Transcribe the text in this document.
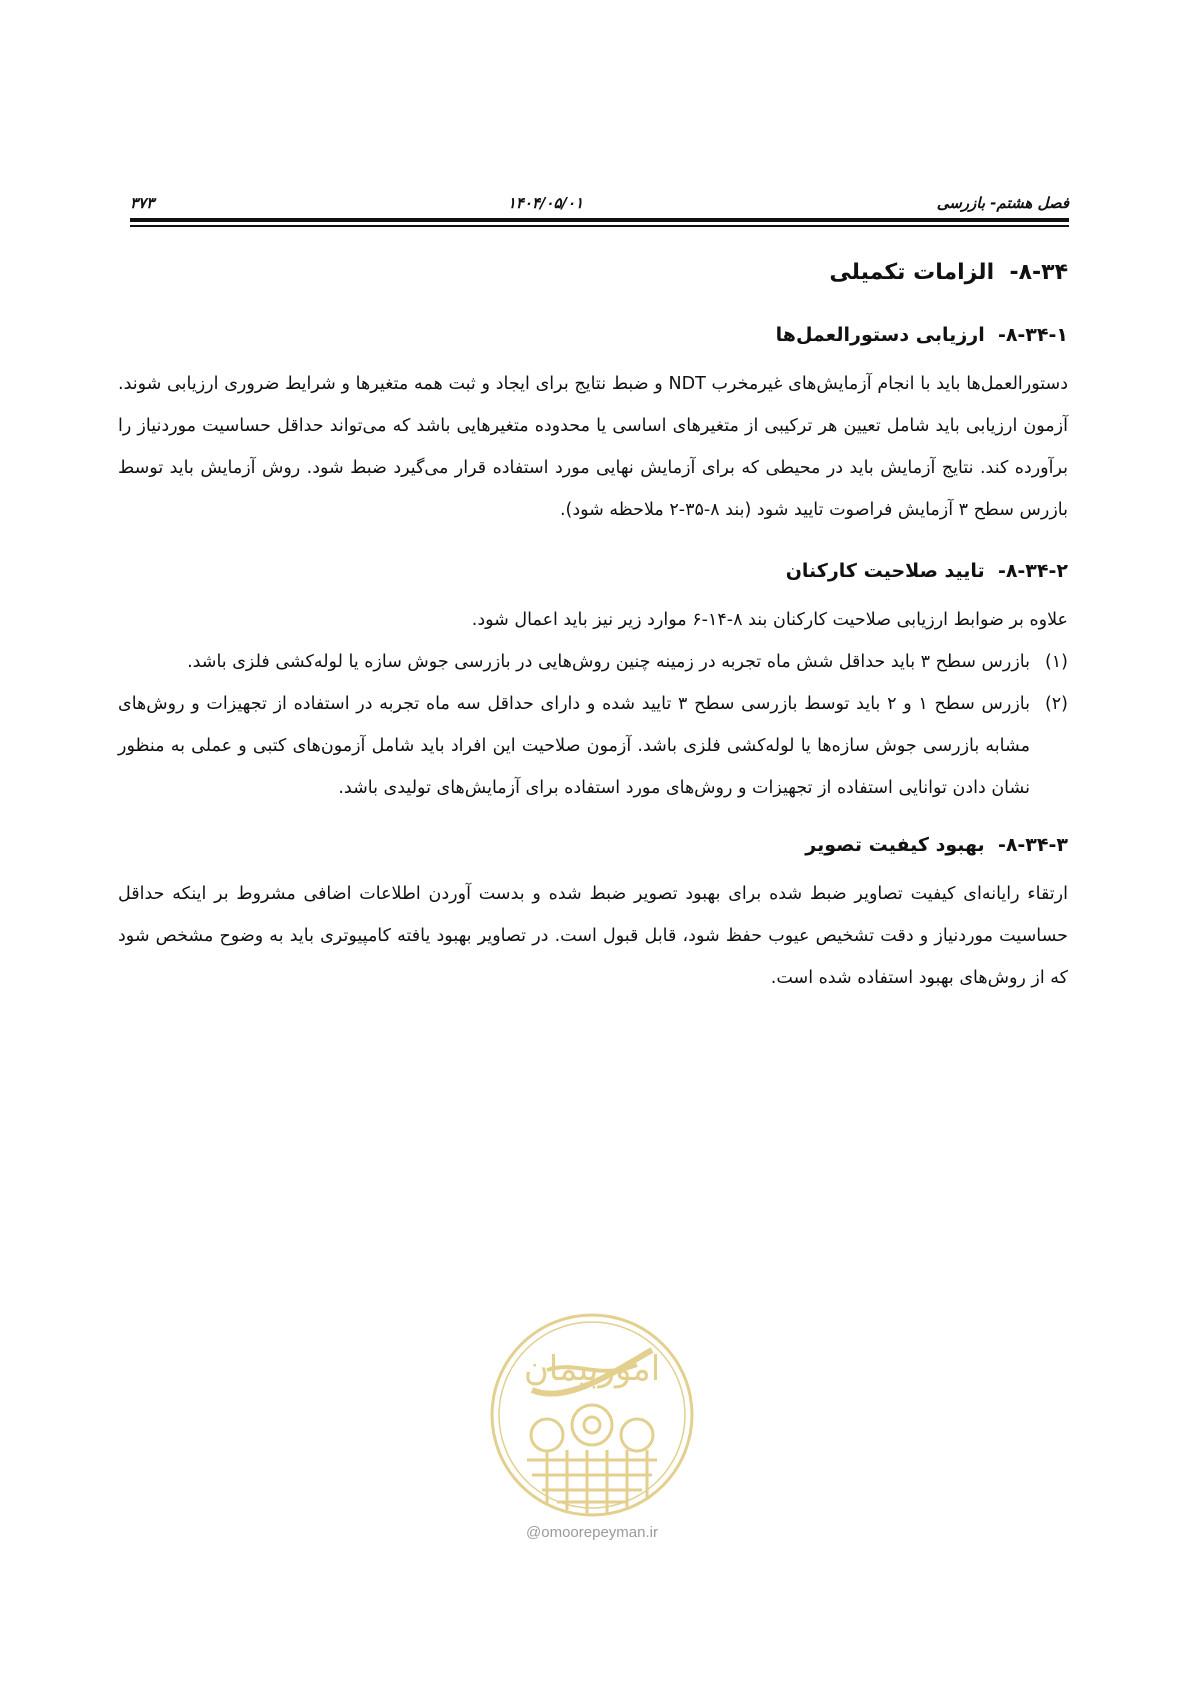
فصل هشتم- بازرسی
۱۴۰۴/۰۵/۰۱
۳۷۳
۸-۳۴-  الزامات تکمیلی
۸-۳۴-۱-  ارزیابی دستورالعمل‌ها

دستورالعمل‌ها باید با انجام آزمایش‌های غیرمخرب NDT و ضبط نتایج برای ایجاد و ثبت همه متغیرها و شرایط ضروری ارزیابی شوند. آزمون ارزیابی باید شامل تعیین هر ترکیبی از متغیرهای اساسی یا محدوده متغیرهایی باشد که می‌تواند حداقل حساسیت موردنیاز را برآورده کند. نتایج آزمایش باید در محیطی که برای آزمایش نهایی مورد استفاده قرار می‌گیرد ضبط شود. روش آزمایش باید توسط بازرس سطح ۳ آزمایش فراصوت تایید شود (بند ۸-۳۵-۲ ملاحظه شود).

۸-۳۴-۲-  تایید صلاحیت کارکنان
علاوه بر ضوابط ارزیابی صلاحیت کارکنان بند ۸-۱۴-۶ موارد زیر نیز باید اعمال شود.
(۱)
بازرس سطح ۳ باید حداقل شش ماه تجربه در زمینه چنین روش‌هایی در بازرسی جوش سازه یا لوله‌کشی فلزی باشد.
(۲)
بازرس سطح ۱ و ۲ باید توسط بازرسی سطح ۳ تایید شده و دارای حداقل سه ماه تجربه در استفاده از تجهیزات و روش‌های مشابه بازرسی جوش سازه‌ها یا لوله‌کشی فلزی باشد. آزمون صلاحیت این افراد باید شامل آزمون‌های کتبی و عملی به منظور نشان دادن توانایی استفاده از تجهیزات و روش‌های مورد استفاده برای آزمایش‌های تولیدی باشد.
۸-۳۴-۳-  بهبود کیفیت تصویر

ارتقاء رایانه‌ای کیفیت تصاویر ضبط شده برای بهبود تصویر ضبط شده و بدست آوردن اطلاعات اضافی مشروط بر اینکه حداقل حساسیت موردنیاز و دقت تشخیص عیوب حفظ شود، قابل قبول است. در تصاویر بهبود یافته کامپیوتری باید به وضوح مشخص شود که از روش‌های بهبود استفاده شده است.

امورپیمان
@omoorepeyman.ir
